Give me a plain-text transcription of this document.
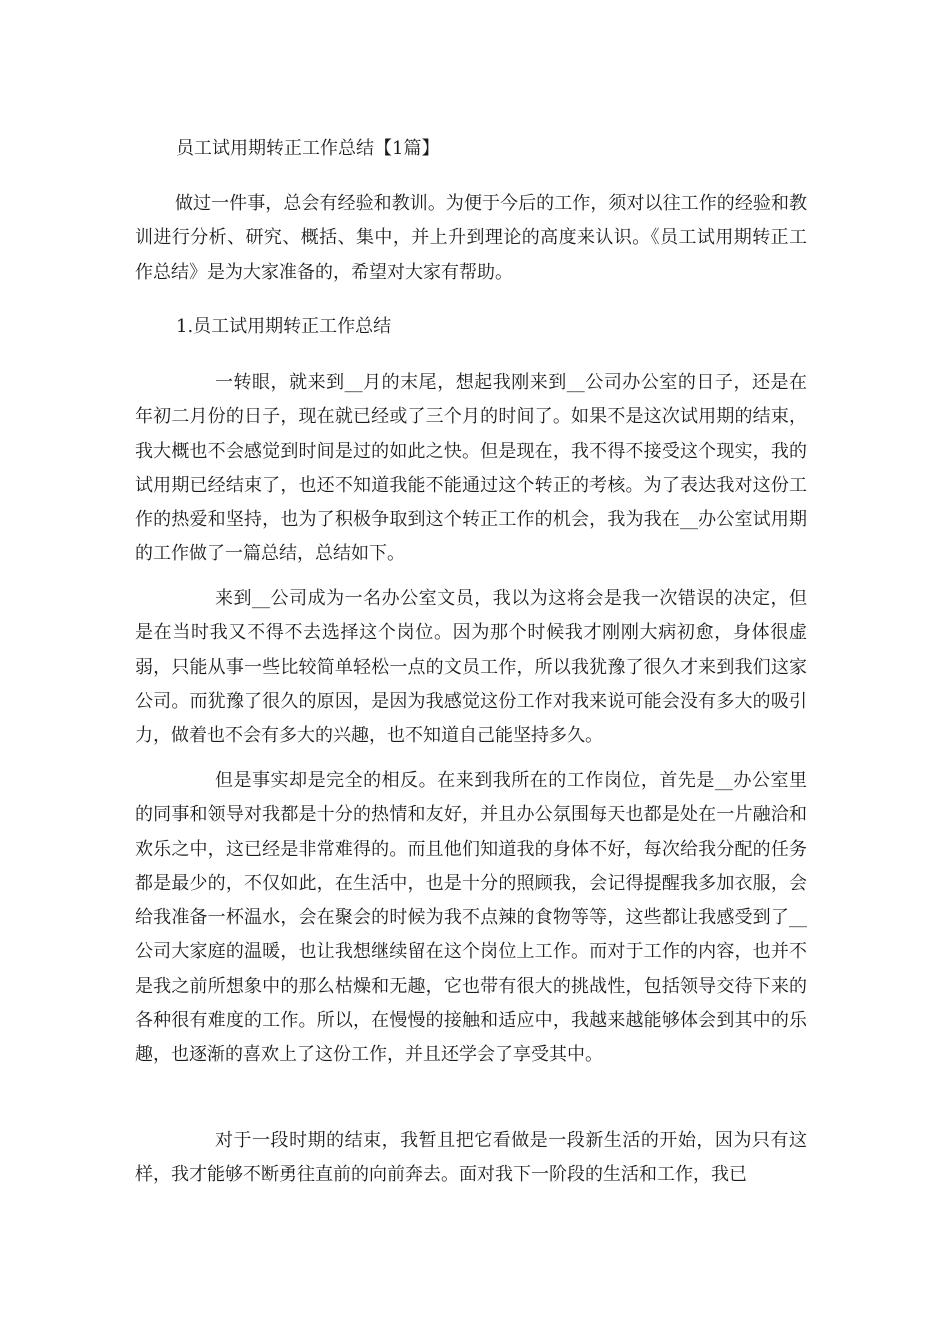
员工试用期转正工作总结【1篇】

做过一件事，总会有经验和教训。为便于今后的工作，须对以往工作的经验和教训进行分析、研究、概括、集中，并上升到理论的高度来认识。《员工试用期转正工作总结》是为大家准备的，希望对大家有帮助。

1.员工试用期转正工作总结

一转眼，就来到__月的末尾，想起我刚来到__公司办公室的日子，还是在年初二月份的日子，现在就已经或了三个月的时间了。如果不是这次试用期的结束，我大概也不会感觉到时间是过的如此之快。但是现在，我不得不接受这个现实，我的试用期已经结束了，也还不知道我能不能通过这个转正的考核。为了表达我对这份工作的热爱和坚持，也为了积极争取到这个转正工作的机会，我为我在__办公室试用期的工作做了一篇总结，总结如下。

来到__公司成为一名办公室文员，我以为这将会是我一次错误的决定，但是在当时我又不得不去选择这个岗位。因为那个时候我才刚刚大病初愈，身体很虚弱，只能从事一些比较简单轻松一点的文员工作，所以我犹豫了很久才来到我们这家公司。而犹豫了很久的原因，是因为我感觉这份工作对我来说可能会没有多大的吸引力，做着也不会有多大的兴趣，也不知道自己能坚持多久。

但是事实却是完全的相反。在来到我所在的工作岗位，首先是__办公室里的同事和领导对我都是十分的热情和友好，并且办公氛围每天也都是处在一片融洽和欢乐之中，这已经是非常难得的。而且他们知道我的身体不好，每次给我分配的任务都是最少的，不仅如此，在生活中，也是十分的照顾我，会记得提醒我多加衣服，会给我准备一杯温水，会在聚会的时候为我不点辣的食物等等，这些都让我感受到了__公司大家庭的温暖，也让我想继续留在这个岗位上工作。而对于工作的内容，也并不是我之前所想象中的那么枯燥和无趣，它也带有很大的挑战性，包括领导交待下来的各种很有难度的工作。所以，在慢慢的接触和适应中，我越来越能够体会到其中的乐趣，也逐渐的喜欢上了这份工作，并且还学会了享受其中。

对于一段时期的结束，我暂且把它看做是一段新生活的开始，因为只有这样，我才能够不断勇往直前的向前奔去。面对我下一阶段的生活和工作，我已
